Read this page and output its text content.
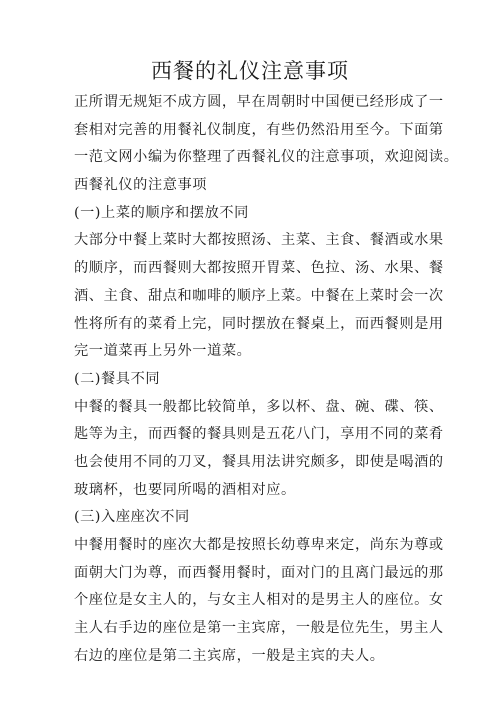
西餐的礼仪注意事项
正所谓无规矩不成方圆，早在周朝时中国便已经形成了一
套相对完善的用餐礼仪制度，有些仍然沿用至今。下面第
一范文网小编为你整理了西餐礼仪的注意事项，欢迎阅读。
西餐礼仪的注意事项
(一)上菜的顺序和摆放不同
大部分中餐上菜时大都按照汤、主菜、主食、餐酒或水果
的顺序，而西餐则大都按照开胃菜、色拉、汤、水果、餐
酒、主食、甜点和咖啡的顺序上菜。中餐在上菜时会一次
性将所有的菜肴上完，同时摆放在餐桌上，而西餐则是用
完一道菜再上另外一道菜。
(二)餐具不同
中餐的餐具一般都比较简单，多以杯、盘、碗、碟、筷、
匙等为主，而西餐的餐具则是五花八门，享用不同的菜肴
也会使用不同的刀叉，餐具用法讲究颇多，即使是喝酒的
玻璃杯，也要同所喝的酒相对应。
(三)入座座次不同
中餐用餐时的座次大都是按照长幼尊卑来定，尚东为尊或
面朝大门为尊，而西餐用餐时，面对门的且离门最远的那
个座位是女主人的，与女主人相对的是男主人的座位。女
主人右手边的座位是第一主宾席，一般是位先生，男主人
右边的座位是第二主宾席，一般是主宾的夫人。
